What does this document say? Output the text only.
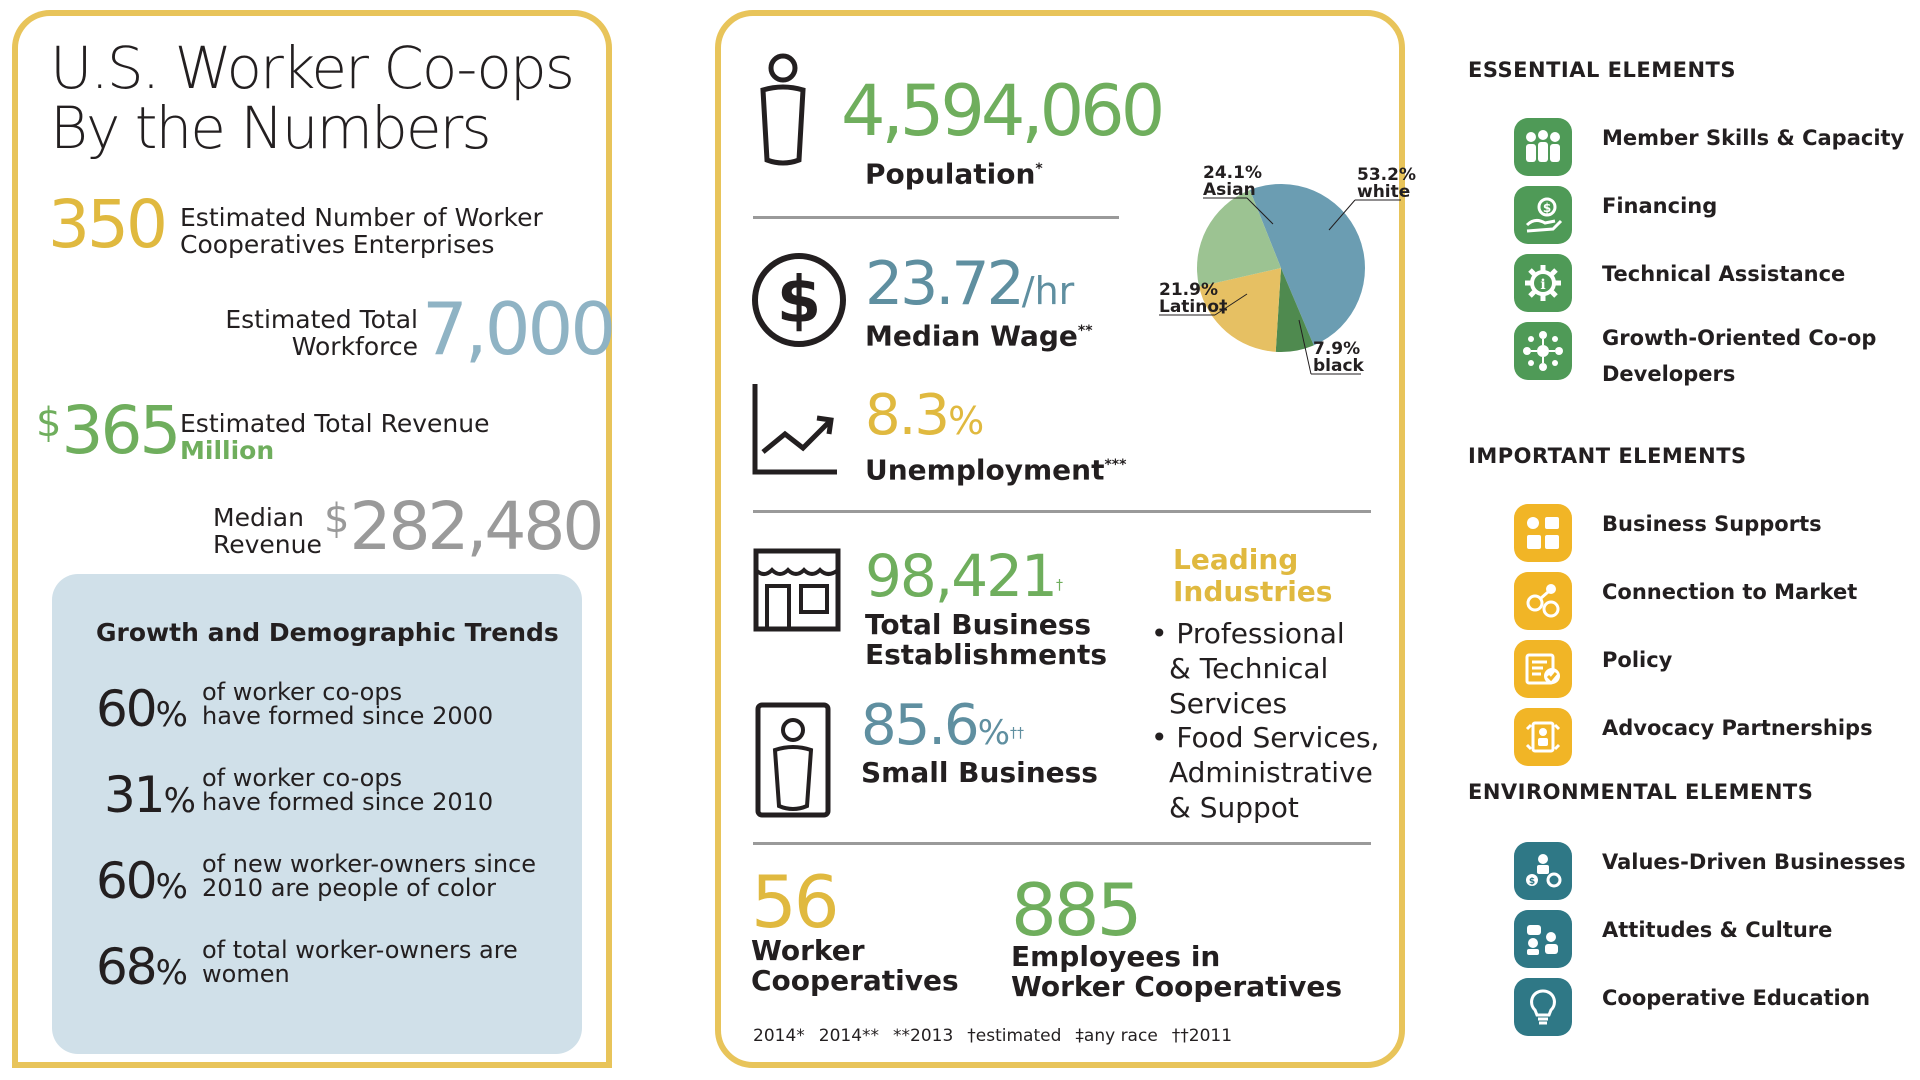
U.S. Worker Co-ops
By the Numbers
350 Estimated Number of Worker
Cooperatives Enterprises
Estimated Total
Workforce 7,000
$365 Estimated Total Revenue
Million
Median
Revenue
$282,480
Growth and Demographic Trends
60%
of worker co-ops
have formed since 2000
31%
of worker co-ops
have formed since 2010
60%
of new worker-owners since
2010 are people of color
68%
of total worker-owners are
women
4,594,060
Population*	24.1%
Asian
53.2%
white
21.9%
Latino‡
7.9%
black
$ 23.72/hr
Median Wage**
8.3%
Unemployment***
98,421†
Total Business
Establishments
85.6%††
Small Business
Leading
Industries
• Professional
& Technical
Services
• Food Services,
Administrative
& Suppot
56
Worker
Cooperatives
885
Employees in
Worker Cooperatives
2014* 2014** **2013 †estimated ‡any race ††2011
ESSENTIAL ELEMENTS
Member Skills & Capacity
$ Financing
i	Technical Assistance
Growth-Oriented Co-op
Developers
IMPORTANT ELEMENTS
Business Supports
Connection to Market
Policy
Advocacy Partnerships
ENVIRONMENTAL ELEMENTS
$
Values-Driven Businesses
Attitudes & Culture
Cooperative Education
